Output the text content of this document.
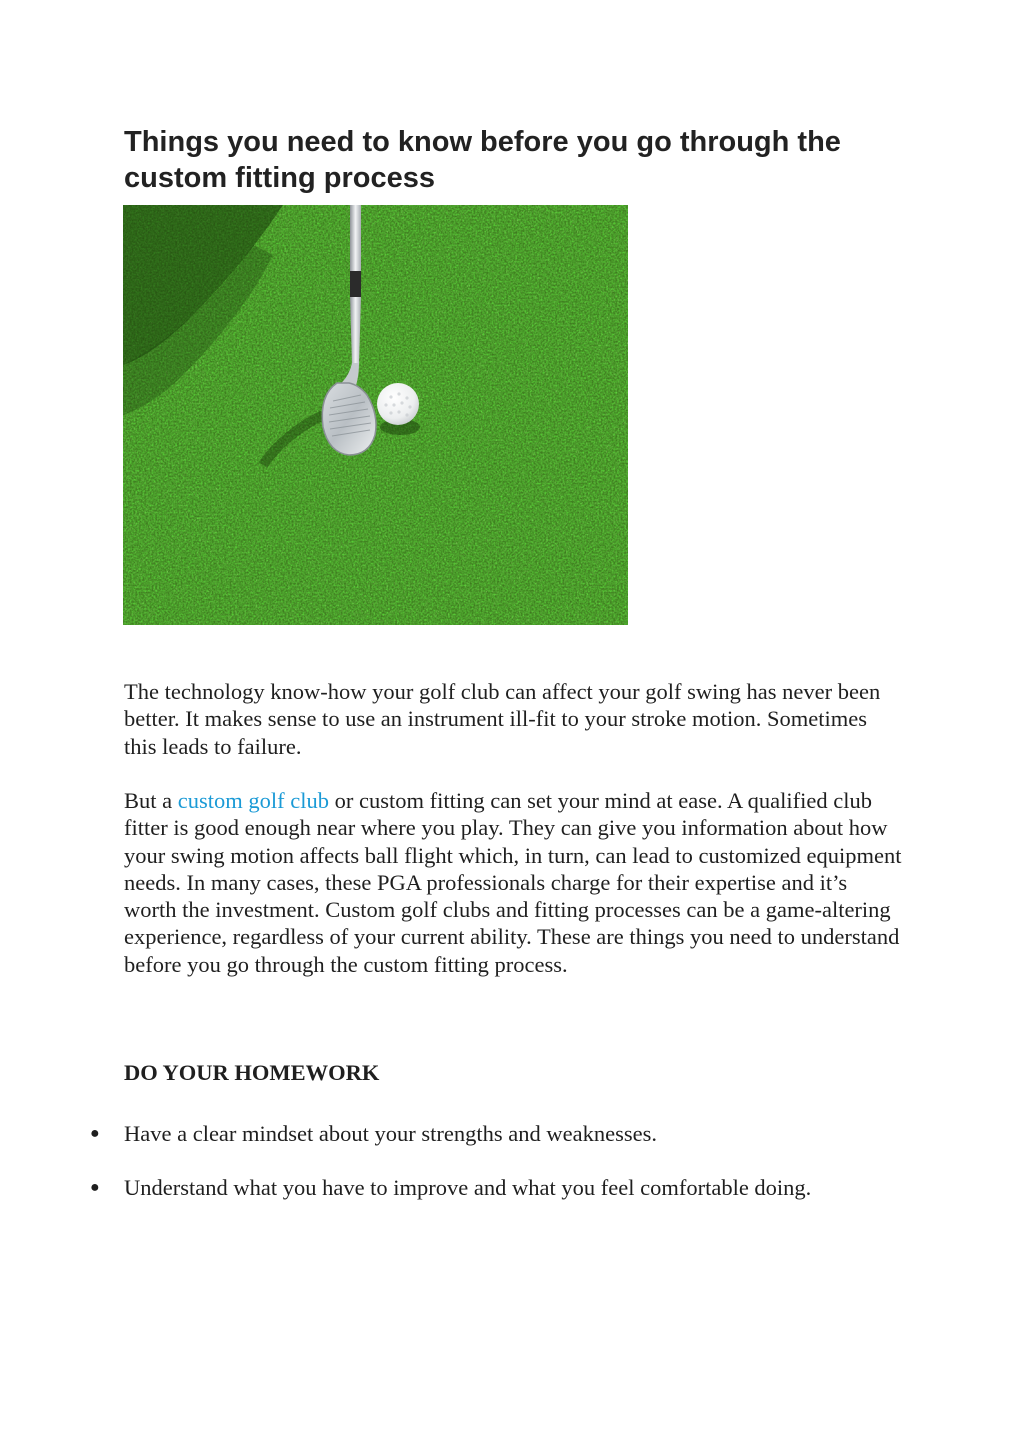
Things you need to know before you go through the custom fitting process

The technology know-how your golf club can affect your golf swing has never been better. It makes sense to use an instrument ill-fit to your stroke motion. Sometimes this leads to failure.

But a custom golf club or custom fitting can set your mind at ease. A qualified club fitter is good enough near where you play. They can give you information about how your swing motion affects ball flight which, in turn, can lead to customized equipment needs. In many cases, these PGA professionals charge for their expertise and it’s worth the investment. Custom golf clubs and fitting processes can be a game-altering experience, regardless of your current ability. These are things you need to understand before you go through the custom fitting process.

DO YOUR HOMEWORK
● Have a clear mindset about your strengths and weaknesses.
● Understand what you have to improve and what you feel comfortable doing.
